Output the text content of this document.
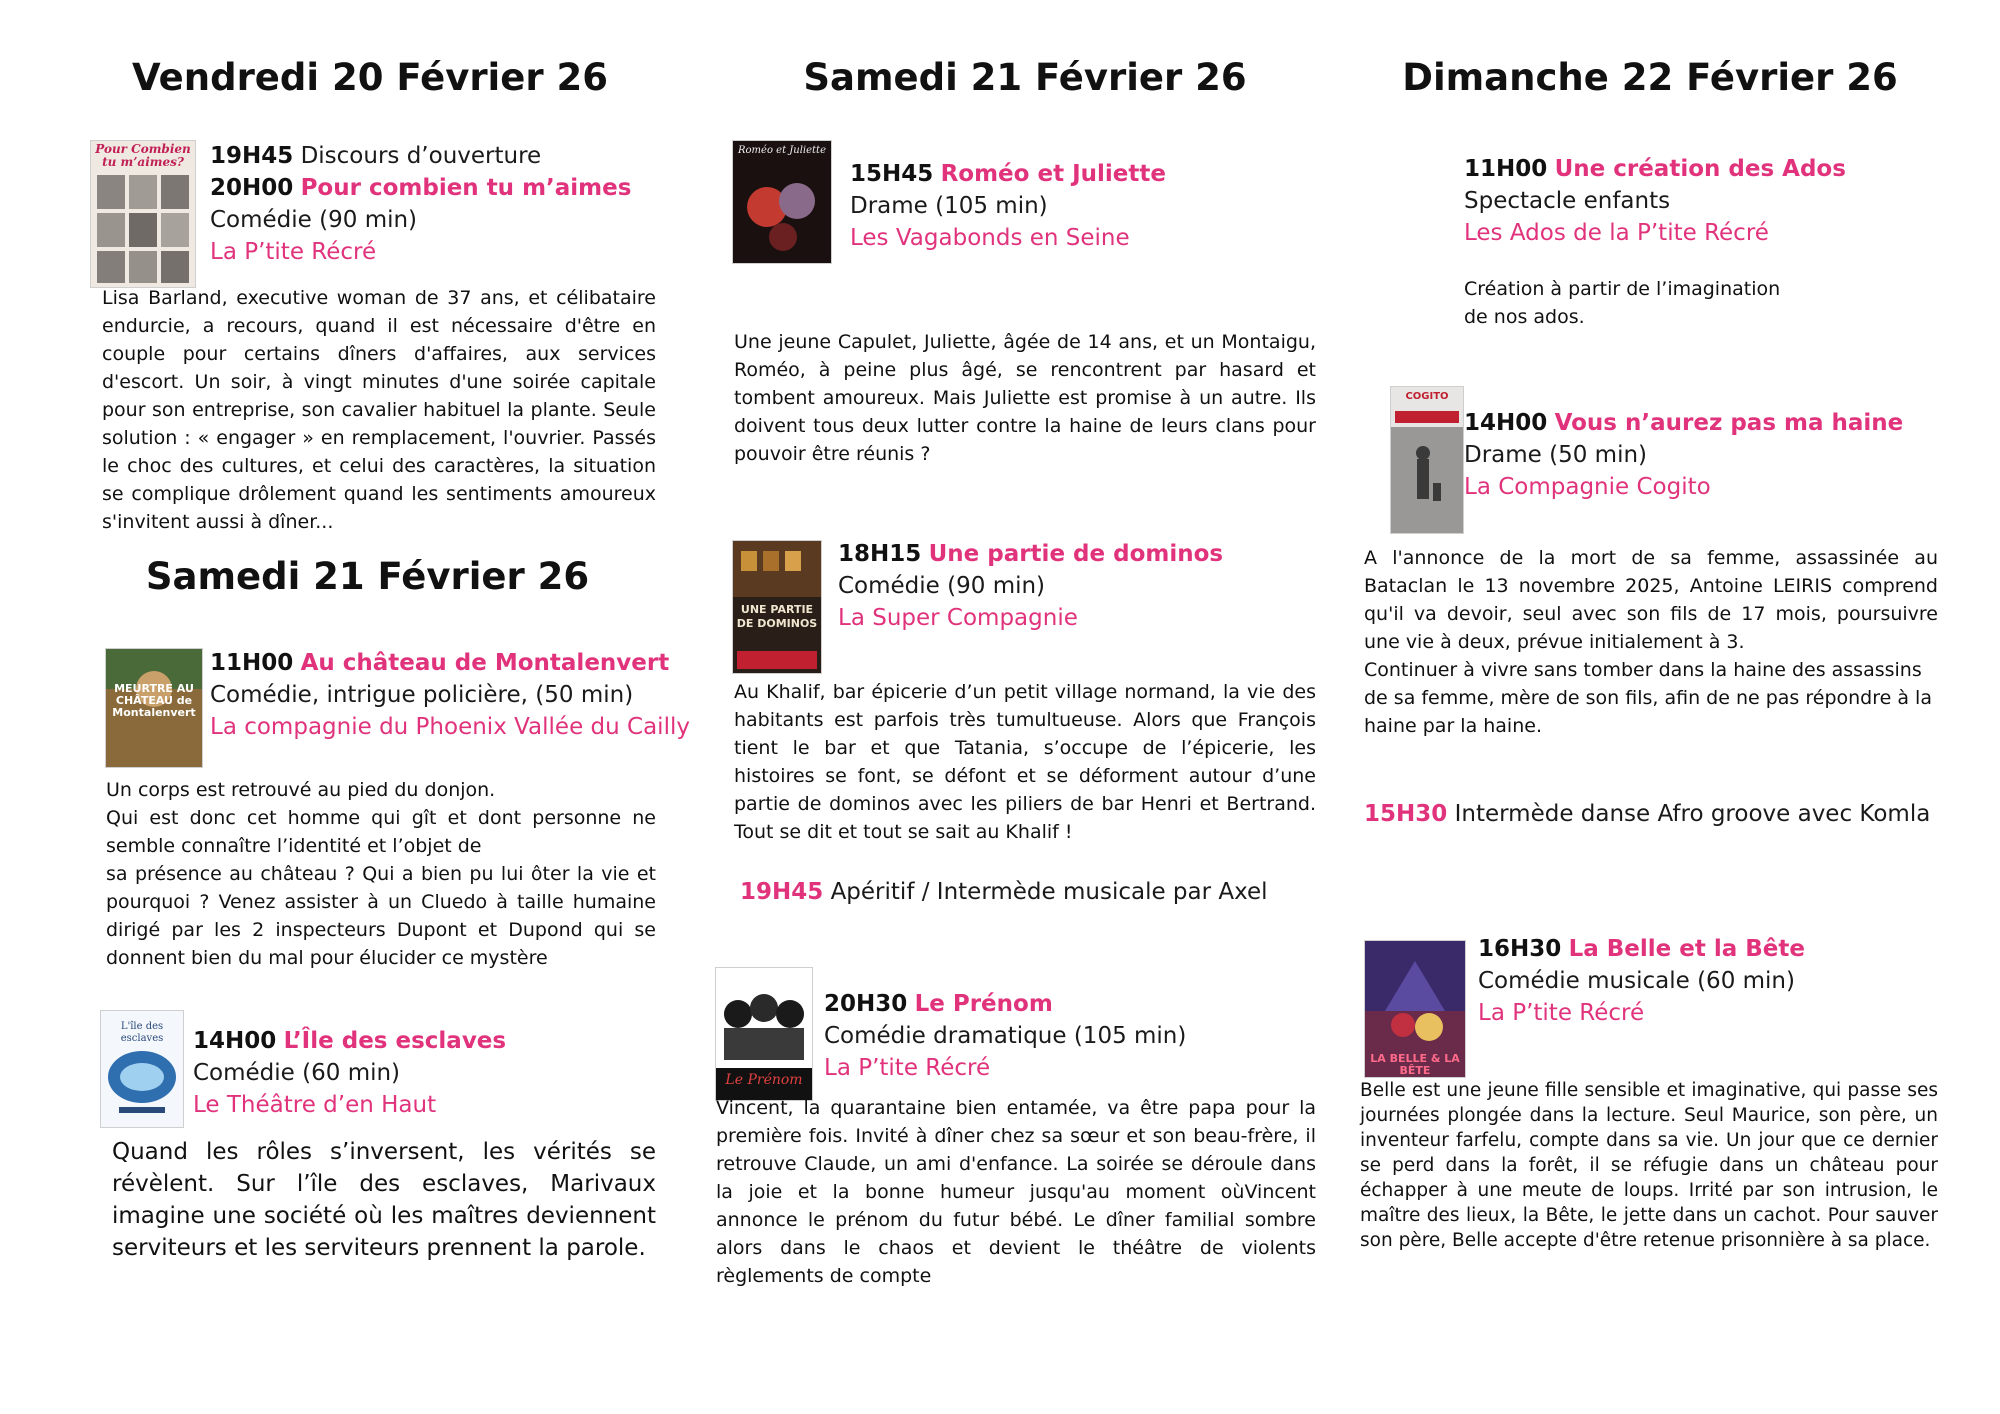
Vendredi 20 Février 26
Pour Combien tu m’aimes?	19H45 Discours d’ouverture
20H00 Pour combien tu m’aimes
Comédie (90 min)
La P’tite Récré
Lisa Barland, executive woman de 37 ans, et célibataire endurcie, a recours, quand il est nécessaire d'être en couple pour certains dîners d'affaires, aux services d'escort. Un soir, à vingt minutes d'une soirée capitale pour son entreprise, son cavalier habituel la plante. Seule solution : « engager » en remplacement, l'ouvrier. Passés le choc des cultures, et celui des caractères, la situation se complique drôlement quand les sentiments amoureux s'invitent aussi à dîner...
Samedi 21 Février 26
MEURTRE AU CHÂTEAU de Montalenvert
11H00 Au château de Montalenvert
Comédie, intrigue policière, (50 min)
La compagnie du Phoenix Vallée du Cailly
Un corps est retrouvé au pied du donjon.
Qui est donc cet homme qui gît et dont personne ne semble connaître l’identité et l’objet de
sa présence au château ? Qui a bien pu lui ôter la vie et pourquoi ? Venez assister à un Cluedo à taille humaine dirigé par les 2 inspecteurs Dupont et Dupond qui se donnent bien du mal pour élucider ce mystère
L'île des esclaves	14H00 L’Île des esclaves
Comédie (60 min)
Le Théâtre d’en Haut
Quand les rôles s’inversent, les vérités se révèlent. Sur l’île des esclaves, Marivaux imagine une société où les maîtres deviennent serviteurs et les serviteurs prennent la parole.
Samedi 21 Février 26
Roméo et Juliette
15H45 Roméo et Juliette
Drame (105 min)
Les Vagabonds en Seine
Une jeune Capulet, Juliette, âgée de 14 ans, et un Montaigu, Roméo, à peine plus âgé, se rencontrent par hasard et tombent amoureux. Mais Juliette est promise à un autre. Ils doivent tous deux lutter contre la haine de leurs clans pour pouvoir être réunis ?
UNE PARTIE DE DOMINOS
18H15 Une partie de dominos
Comédie (90 min)
La Super Compagnie
Au Khalif, bar épicerie d’un petit village normand, la vie des habitants est parfois très tumultueuse. Alors que François tient le bar et que Tatania, s’occupe de l’épicerie, les histoires se font, se défont et se déforment autour d’une partie de dominos avec les piliers de bar Henri et Bertrand. Tout se dit et tout se sait au Khalif !
19H45 Apéritif / Intermède musicale par Axel
Le Prénom
20H30 Le Prénom
Comédie dramatique (105 min)
La P’tite Récré
Vincent, la quarantaine bien entamée, va être papa pour la première fois. Invité à dîner chez sa sœur et son beau-frère, il retrouve Claude, un ami d'enfance. La soirée se déroule dans la joie et la bonne humeur jusqu'au moment oùVincent annonce le prénom du futur bébé. Le dîner familial sombre alors dans le chaos et devient le théâtre de violents règlements de compte
Dimanche 22 Février 26
11H00 Une création des Ados
Spectacle enfants
Les Ados de la P’tite Récré
Création à partir de l’imagination
de nos ados.
COGITO
14H00 Vous n’aurez pas ma haine
Drame (50 min)
La Compagnie Cogito
A l'annonce de la mort de sa femme, assassinée au Bataclan le 13 novembre 2025, Antoine LEIRIS comprend qu'il va devoir, seul avec son fils de 17 mois, poursuivre une vie à deux, prévue initialement à 3.
Continuer à vivre sans tomber dans la haine des assassins de sa femme, mère de son fils, afin de ne pas répondre à la haine par la haine.
15H30 Intermède danse Afro groove avec Komla
LA BELLE & LA BÊTE
16H30 La Belle et la Bête
Comédie musicale (60 min)
La P’tite Récré
Belle est une jeune fille sensible et imaginative, qui passe ses journées plongée dans la lecture. Seul Maurice, son père, un inventeur farfelu, compte dans sa vie. Un jour que ce dernier se perd dans la forêt, il se réfugie dans un château pour échapper à une meute de loups. Irrité par son intrusion, le maître des lieux, la Bête, le jette dans un cachot. Pour sauver son père, Belle accepte d'être retenue prisonnière à sa place.
